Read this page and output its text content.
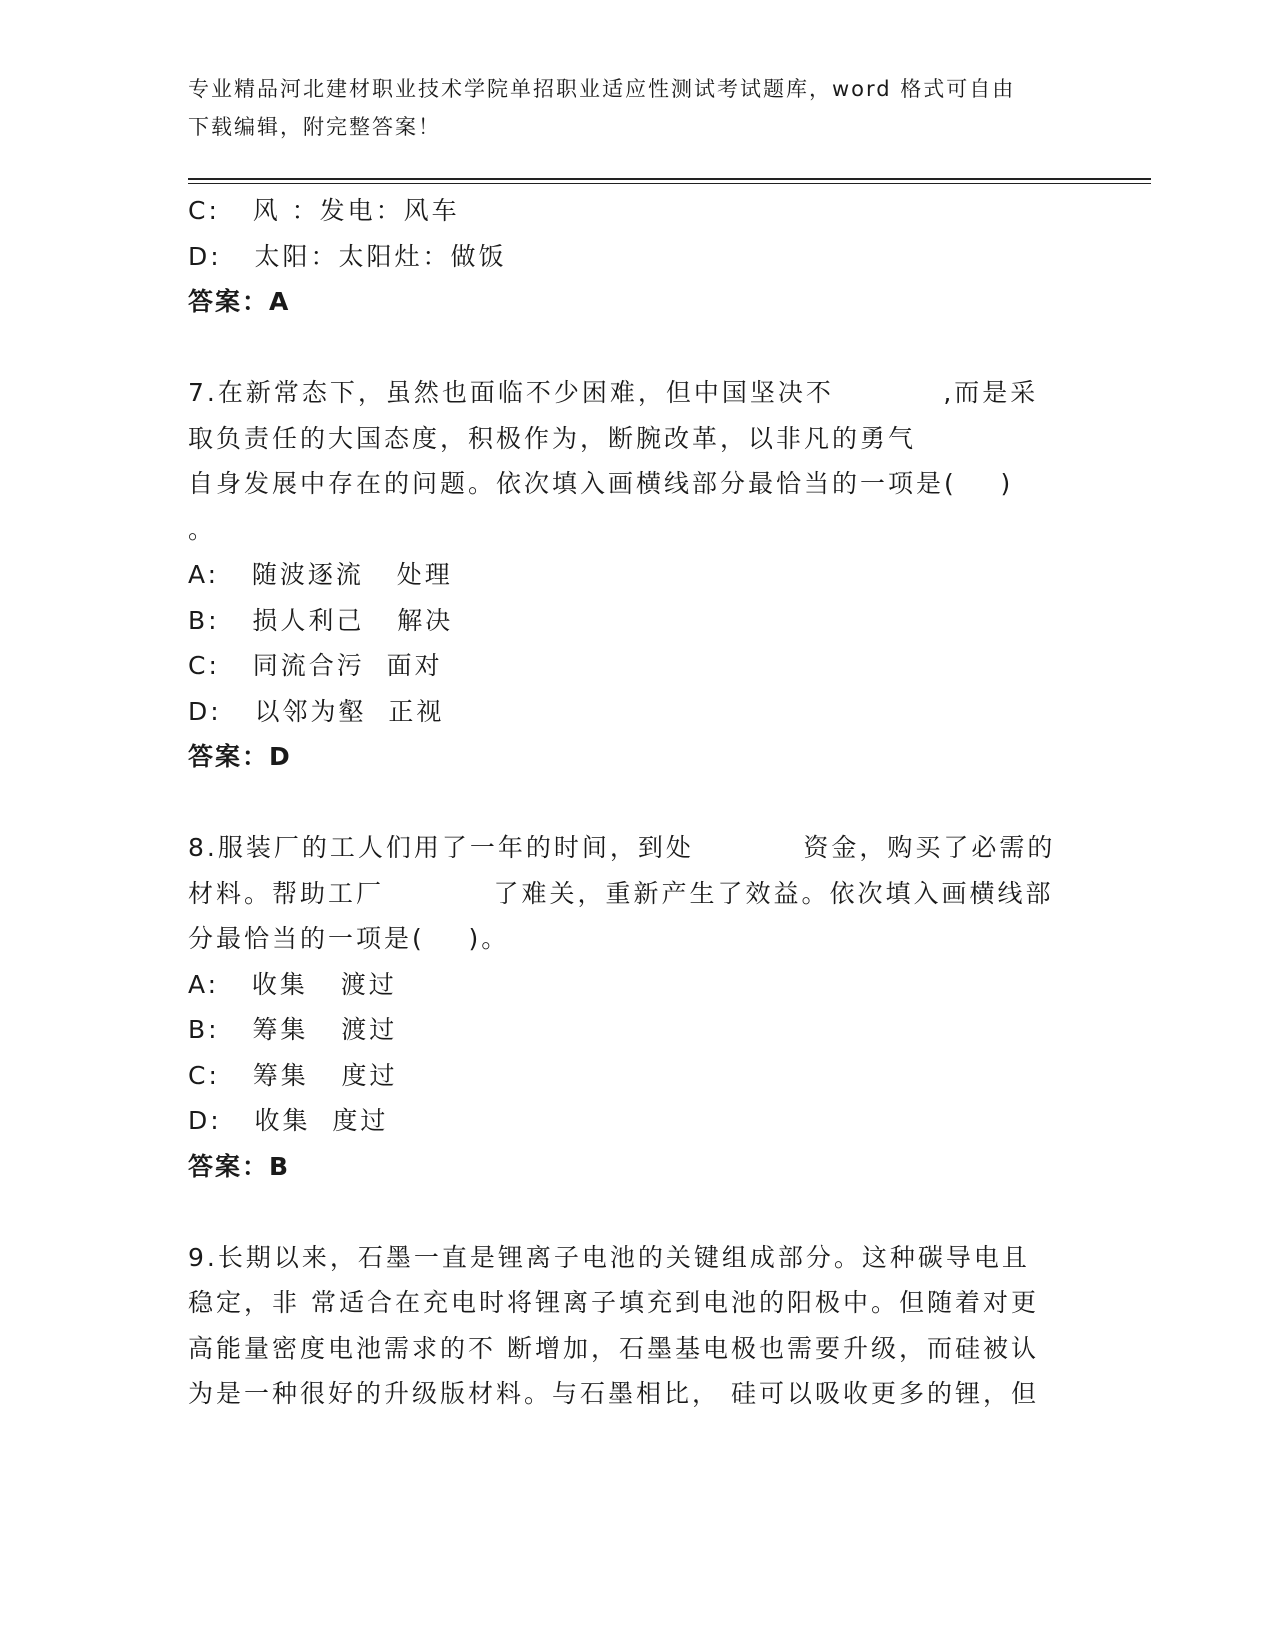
专业精品河北建材职业技术学院单招职业适应性测试考试题库，word 格式可自由
下载编辑，附完整答案！
C:   风 ：发电：风车
D:   太阳：太阳灶：做饭
答案：A
7.在新常态下，虽然也面临不少困难，但中国坚决不          ,而是采
取负责任的大国态度，积极作为，断腕改革，以非凡的勇气
自身发展中存在的问题。依次填入画横线部分最恰当的一项是(    )
。
A:   随波逐流   处理
B:   损人利己   解决
C:   同流合污  面对
D:   以邻为壑  正视
答案：D
8.服装厂的工人们用了一年的时间，到处          资金，购买了必需的
材料。帮助工厂          了难关，重新产生了效益。依次填入画横线部
分最恰当的一项是(    )。
A:   收集   渡过
B:   筹集   渡过
C:   筹集   度过
D:   收集  度过
答案：B
9.长期以来，石墨一直是锂离子电池的关键组成部分。这种碳导电且
稳定，非 常适合在充电时将锂离子填充到电池的阳极中。但随着对更
高能量密度电池需求的不 断增加，石墨基电极也需要升级，而硅被认
为是一种很好的升级版材料。与石墨相比， 硅可以吸收更多的锂，但
